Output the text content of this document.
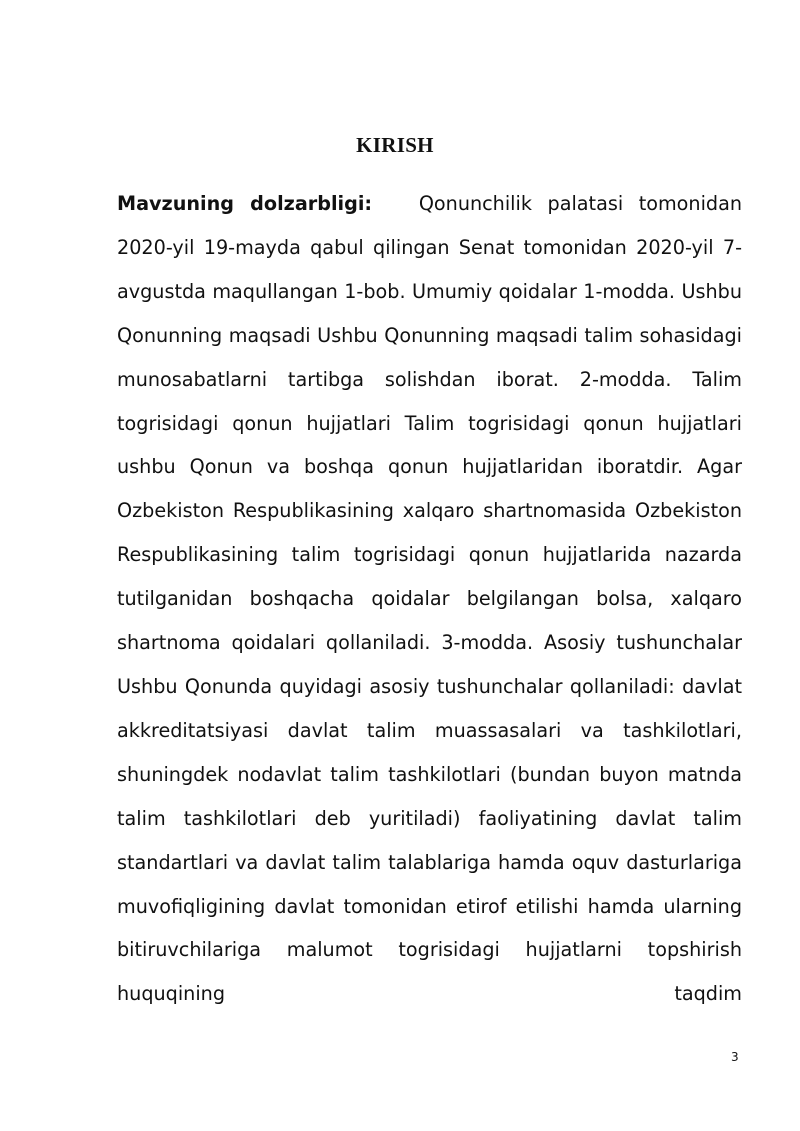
KIRISH

Mavzuning dolzarbligi: Qonunchilik palatasi tomonidan 2020-yil 19-mayda qabul qilingan Senat tomonidan 2020-yil 7-avgustda maqullangan 1-bob. Umumiy qoidalar 1-modda. Ushbu Qonunning maqsadi Ushbu Qonunning maqsadi talim sohasidagi munosabatlarni tartibga solishdan iborat. 2-modda. Talim togrisidagi qonun hujjatlari Talim togrisidagi qonun hujjatlari ushbu Qonun va boshqa qonun hujjatlaridan iboratdir. Agar Ozbekiston Respublikasining xalqaro shartnomasida Ozbekiston Respublikasining talim togrisidagi qonun hujjatlarida nazarda tutilganidan boshqacha qoidalar belgilangan bolsa, xalqaro shartnoma qoidalari qollaniladi. 3-modda. Asosiy tushunchalar Ushbu Qonunda quyidagi asosiy tushunchalar qollaniladi: davlat akkreditatsiyasi davlat talim muassasalari va tashkilotlari, shuningdek nodavlat talim tashkilotlari (bundan buyon matnda talim tashkilotlari deb yuritiladi) faoliyatining davlat talim standartlari va davlat talim talablariga hamda oquv dasturlariga muvofiqligining davlat tomonidan etirof etilishi hamda ularning bitiruvchilariga malumot togrisidagi hujjatlarni topshirish huquqining taqdim

3
